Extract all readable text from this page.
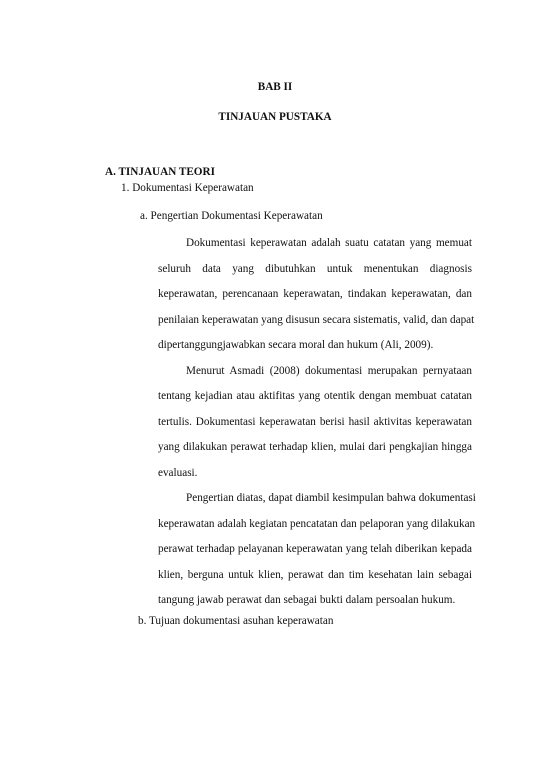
BAB II
TINJAUAN PUSTAKA
A. TINJAUAN TEORI
1. Dokumentasi Keperawatan
a. Pengertian Dokumentasi Keperawatan
Dokumentasi keperawatan adalah suatu catatan yang memuat
seluruh data yang dibutuhkan untuk menentukan diagnosis
keperawatan, perencanaan keperawatan, tindakan keperawatan, dan
penilaian keperawatan yang disusun secara sistematis, valid, dan dapat
dipertanggungjawabkan secara moral dan hukum (Ali, 2009).
Menurut Asmadi (2008) dokumentasi merupakan pernyataan
tentang kejadian atau aktifitas yang otentik dengan membuat catatan
tertulis. Dokumentasi keperawatan berisi hasil aktivitas keperawatan
yang dilakukan perawat terhadap klien, mulai dari pengkajian hingga
evaluasi.
Pengertian diatas, dapat diambil kesimpulan bahwa dokumentasi
keperawatan adalah kegiatan pencatatan dan pelaporan yang dilakukan
perawat terhadap pelayanan keperawatan yang telah diberikan kepada
klien, berguna untuk klien, perawat dan tim kesehatan lain sebagai
tangung jawab perawat dan sebagai bukti dalam persoalan hukum.
b. Tujuan dokumentasi asuhan keperawatan
